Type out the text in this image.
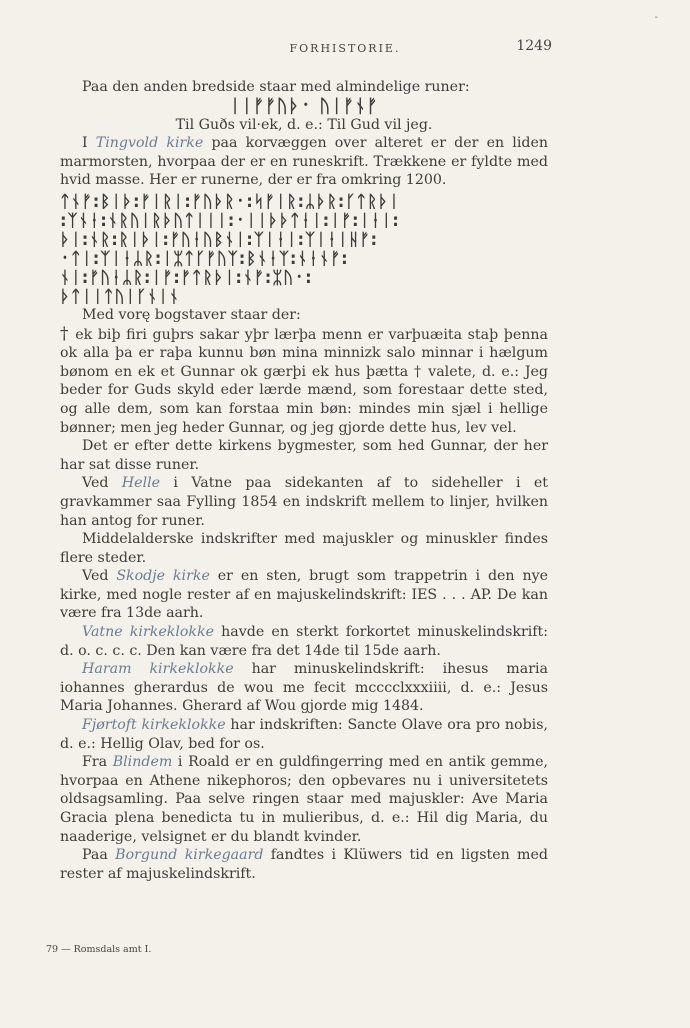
-
FORHISTORIE.	1249

Paa den anden bredside staar med almindelige runer:

ᛁᛁᚠᚠᚢᚦ᛫ ᚢᛁᚠᚾᚠ

Til Guðs vil·ek, d. e.: Til Gud vil jeg.

I Tingvold kirke paa korvæggen over alteret er der en liden marmorsten, hvorpaa der er en runeskrift. Trækkene er fyldte med hvid masse. Her er runerne, der er fra omkring 1200.

ᛏᚾᚠ:ᛒᛁᚦ:ᚠᛁᚱᛁ:ᚠᚢᚦᚱ᛫:ᛋᚠᛁᚱ:ᛦᚦᚱ:ᚴᛏᚱᚦᛁ
:ᛉᚾᚽ:ᚾᚱᚢᛁᚱᚦᚢᛏᛁᛁᛁ:᛫ᛁᛁᚦᚦᛏᚽᛁ:ᛁᚠ:ᛁᚽᛁ:
ᚦᛁ:ᚾᚱ:ᚱᛁᚦᛁ:ᚠᚢᚽᚢᛒᚾᛁ:ᛉᛁᚽᛁ:ᛉᛁᚽᛁᚺᚠ:
᛫ᛏᛁ:ᛉᛁᚽᛦᚱ:ᛁᛯᛏᚴᚠᚢᛉ:ᛒᚾᚽᛉ:ᚾᚽᚾᚠ:
ᚾᛁ:ᚠᚢᚽᛦᚱ:ᛁᚠ:ᚠᛏᚱᚦᛁ:ᚾᚠ:ᛯᚢ᛫:
ᚦᛏᛁᛁᛏᚢᛁᚴᚾᛁᚾ

Med vorę bogstaver staar der:

† ek biþ firi guþrs sakar yþr lærþa menn er varþuæita staþ þenna ok alla þa er raþa kunnu bøn mina minnizk salo minnar i hælgum bønom en ek et Gunnar ok gærþi ek hus þætta † valete, d. e.: Jeg beder for Guds skyld eder lærde mænd, som forestaar dette sted, og alle dem, som kan forstaa min bøn: mindes min sjæl i hellige bønner; men jeg heder Gunnar, og jeg gjorde dette hus, lev vel.

Det er efter dette kirkens bygmester, som hed Gunnar, der her har sat disse runer.

Ved Helle i Vatne paa sidekanten af to sideheller i et gravkammer saa Fylling 1854 en indskrift mellem to linjer, hvilken han antog for runer.

Middelalderske indskrifter med majuskler og minuskler findes flere steder.

Ved Skodje kirke er en sten, brugt som trappetrin i den nye kirke, med nogle rester af en majuskelindskrift: IES . . . AP. De kan være fra 13de aarh.

Vatne kirkeklokke havde en sterkt forkortet minuskelindskrift: d. o. c. c. c. Den kan være fra det 14de til 15de aarh.

Haram kirkeklokke har minuskelindskrift: ihesus maria iohannes gherardus de wou me fecit mcccclxxxiiii, d. e.: Jesus Maria Johannes. Gherard af Wou gjorde mig 1484.

Fjørtoft kirkeklokke har indskriften: Sancte Olave ora pro nobis, d. e.: Hellig Olav, bed for os.

Fra Blindem i Roald er en guldfingerring med en antik gemme, hvorpaa en Athene nikephoros; den opbevares nu i universitetets oldsagsamling. Paa selve ringen staar med majuskler: Ave Maria Gracia plena benedicta tu in mulieribus, d. e.: Hil dig Maria, du naaderige, velsignet er du blandt kvinder.

Paa Borgund kirkegaard fandtes i Klüwers tid en ligsten med rester af majuskelindskrift.

79 — Romsdals amt I.
